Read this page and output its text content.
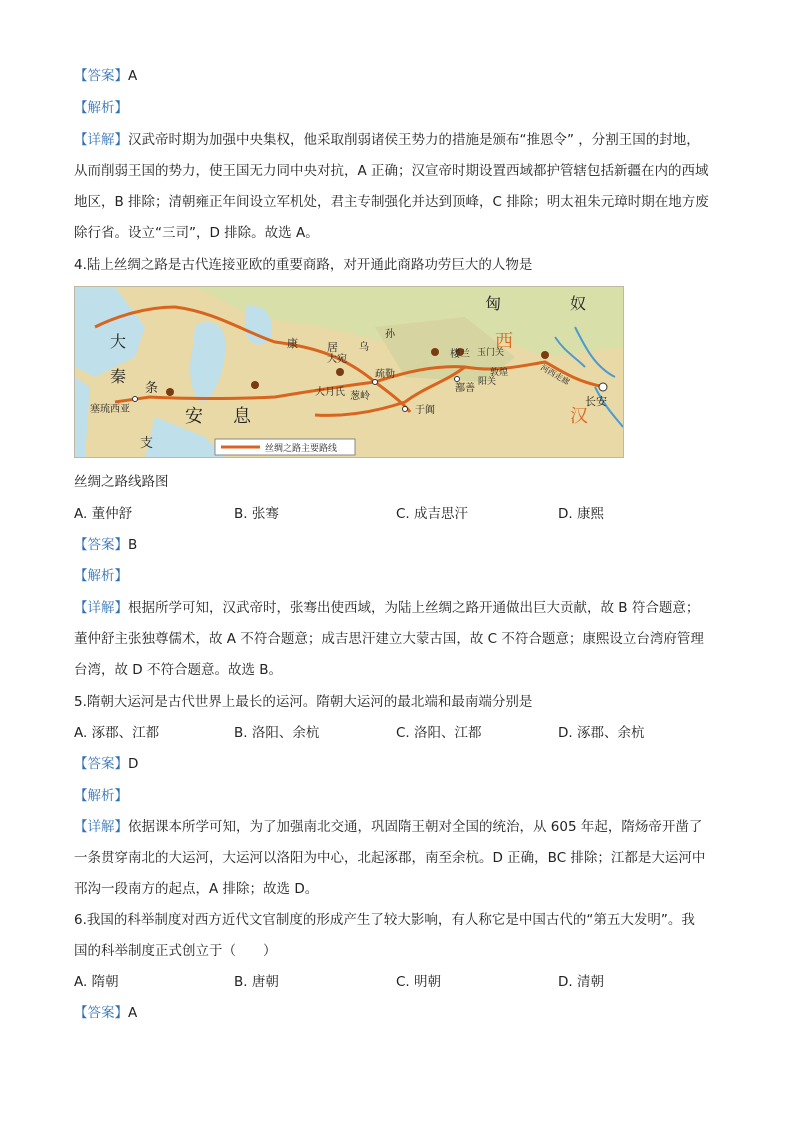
【答案】A
【解析】
【详解】汉武帝时期为加强中央集权，他采取削弱诸侯王势力的措施是颁布“推恩令” ，分割王国的封地，
从而削弱王国的势力，使王国无力同中央对抗，A 正确；汉宣帝时期设置西域都护管辖包括新疆在内的西域
地区，B 排除；清朝雍正年间设立军机处，君主专制强化并达到顶峰，C 排除；明太祖朱元璋时期在地方废
除行省。设立“三司”，D 排除。故选 A。
4.陆上丝绸之路是古代连接亚欧的重要商路，对开通此商路功劳巨大的人物是
匈	奴
西
汉
大
秦
条
支
安 息
康	居
大宛
乌
孙
疏勒
葱岭
大月氏
于阗
楼兰 玉门关
敦煌
阳关
鄯善
河西走廊
长安
塞琉西亚
丝绸之路主要路线
丝绸之路线路图
A. 董仲舒	B. 张骞	C. 成吉思汗	D. 康熙
【答案】B
【解析】
【详解】根据所学可知，汉武帝时，张骞出使西域，为陆上丝绸之路开通做出巨大贡献，故 B 符合题意；
董仲舒主张独尊儒术，故 A 不符合题意；成吉思汗建立大蒙古国，故 C 不符合题意；康熙设立台湾府管理
台湾，故 D 不符合题意。故选 B。
5.隋朝大运河是古代世界上最长的运河。隋朝大运河的最北端和最南端分别是
A. 涿郡、江都	B. 洛阳、余杭	C. 洛阳、江都	D. 涿郡、余杭
【答案】D
【解析】
【详解】依据课本所学可知，为了加强南北交通，巩固隋王朝对全国的统治，从 605 年起，隋炀帝开凿了
一条贯穿南北的大运河，大运河以洛阳为中心，北起涿郡，南至余杭。D 正确，BC 排除；江都是大运河中
邗沟一段南方的起点，A 排除；故选 D。
6.我国的科举制度对西方近代文官制度的形成产生了较大影响，有人称它是中国古代的“第五大发明”。我
国的科举制度正式创立于（　　）
A. 隋朝	B. 唐朝	C. 明朝	D. 清朝
【答案】A
